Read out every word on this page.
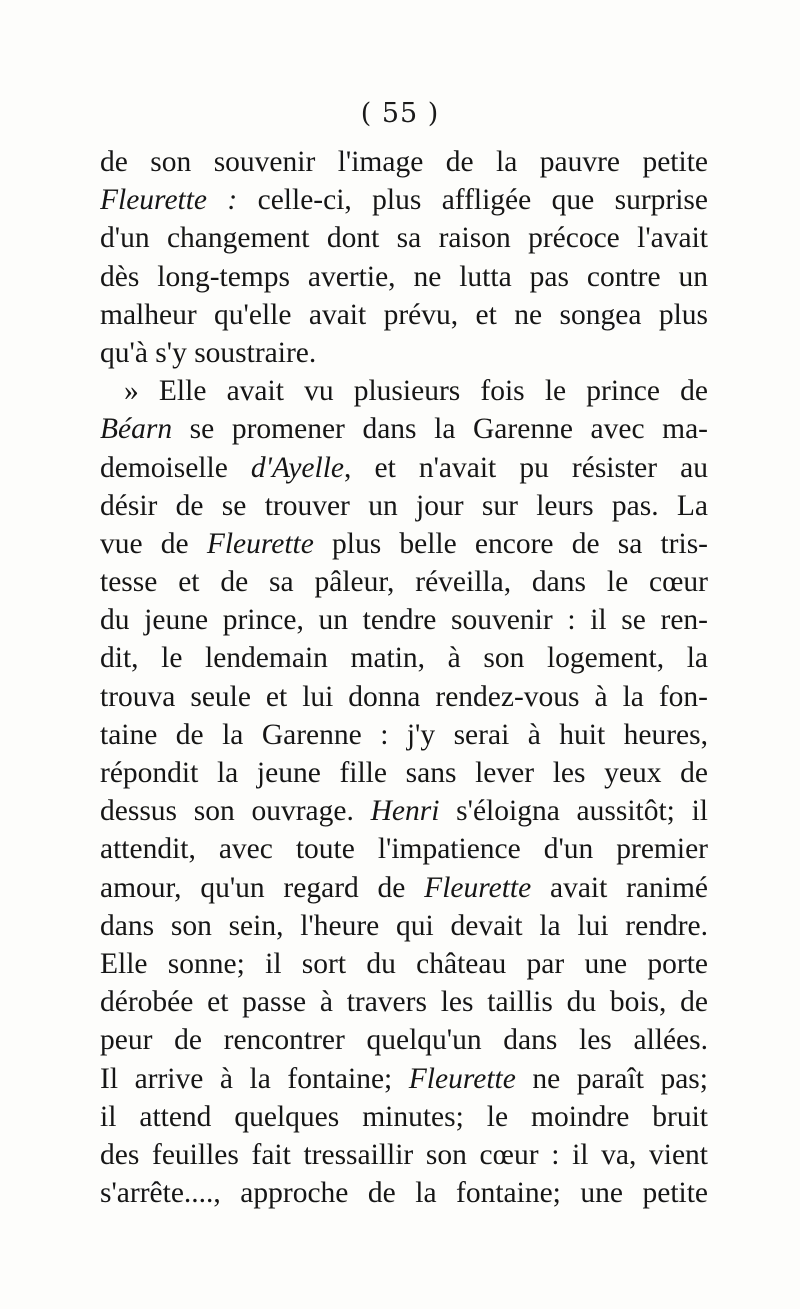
( 55 )
de son souvenir l'image de la pauvre petite
Fleurette : celle-ci, plus affligée que surprise
d'un changement dont sa raison précoce l'avait
dès long-temps avertie, ne lutta pas contre un
malheur qu'elle avait prévu, et ne songea plus
qu'à s'y soustraire.
» Elle avait vu plusieurs fois le prince de
Béarn se promener dans la Garenne avec ma-
demoiselle d'Ayelle, et n'avait pu résister au
désir de se trouver un jour sur leurs pas. La
vue de Fleurette plus belle encore de sa tris-
tesse et de sa pâleur, réveilla, dans le cœur
du jeune prince, un tendre souvenir : il se ren-
dit, le lendemain matin, à son logement, la
trouva seule et lui donna rendez-vous à la fon-
taine de la Garenne : j'y serai à huit heures,
répondit la jeune fille sans lever les yeux de
dessus son ouvrage. Henri s'éloigna aussitôt; il
attendit, avec toute l'impatience d'un premier
amour, qu'un regard de Fleurette avait ranimé
dans son sein, l'heure qui devait la lui rendre.
Elle sonne; il sort du château par une porte
dérobée et passe à travers les taillis du bois, de
peur de rencontrer quelqu'un dans les allées.
Il arrive à la fontaine; Fleurette ne paraît pas;
il attend quelques minutes; le moindre bruit
des feuilles fait tressaillir son cœur : il va, vient
s'arrête...., approche de la fontaine; une petite
